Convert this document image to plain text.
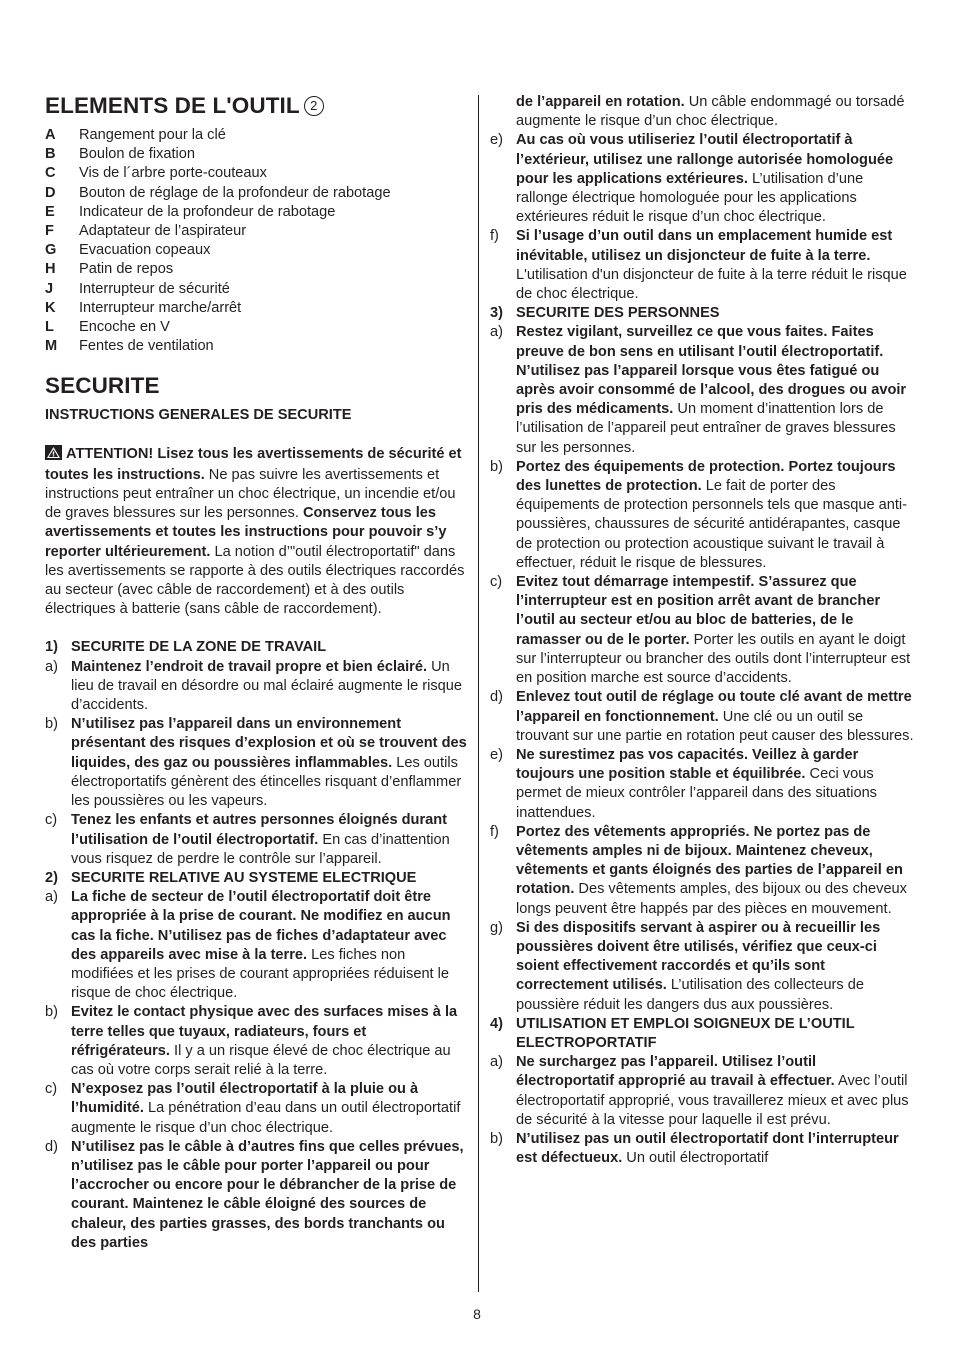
ELEMENTS DE L'OUTIL 2
A	Rangement pour la clé
B	Boulon de fixation
C	Vis de l´arbre porte-couteaux
D	Bouton de réglage de la profondeur de rabotage
E	Indicateur de la profondeur de rabotage
F	Adaptateur de l’aspirateur
G	Evacuation copeaux
H	Patin de repos
J	Interrupteur de sécurité
K	Interrupteur marche/arrêt
L	Encoche en V
M	Fentes de ventilation
SECURITE

INSTRUCTIONS GENERALES DE SECURITE

ATTENTION! Lisez tous les avertissements de sécurité et toutes les instructions. Ne pas suivre les avertissements et instructions peut entraîner un choc électrique, un incendie et/ou de graves blessures sur les personnes. Conservez tous les avertissements et toutes les instructions pour pouvoir s’y reporter ultérieurement. La notion d’"outil électroportatif" dans les avertissements se rapporte à des outils électriques raccordés au secteur (avec câble de raccordement) et à des outils électriques à batterie (sans câble de raccordement).

1) SECURITE DE LA ZONE DE TRAVAIL
a) Maintenez l’endroit de travail propre et bien éclairé. Un lieu de travail en désordre ou mal éclairé augmente le risque d’accidents.
b) N’utilisez pas l’appareil dans un environnement présentant des risques d’explosion et où se trouvent des liquides, des gaz ou poussières inflammables. Les outils électroportatifs génèrent des étincelles risquant d’enflammer les poussières ou les vapeurs.
c) Tenez les enfants et autres personnes éloignés durant l’utilisation de l’outil électroportatif. En cas d’inattention vous risquez de perdre le contrôle sur l’appareil.
2) SECURITE RELATIVE AU SYSTEME ELECTRIQUE
a) La fiche de secteur de l’outil électroportatif doit être appropriée à la prise de courant. Ne modifiez en aucun cas la fiche. N’utilisez pas de fiches d’adaptateur avec des appareils avec mise à la terre. Les fiches non modifiées et les prises de courant appropriées réduisent le risque de choc électrique.
b) Evitez le contact physique avec des surfaces mises à la terre telles que tuyaux, radiateurs, fours et réfrigérateurs. Il y a un risque élevé de choc électrique au cas où votre corps serait relié à la terre.
c) N’exposez pas l’outil électroportatif à la pluie ou à l’humidité. La pénétration d’eau dans un outil électroportatif augmente le risque d’un choc électrique.
d) N’utilisez pas le câble à d’autres fins que celles prévues, n’utilisez pas le câble pour porter l’appareil ou pour l’accrocher ou encore pour le débrancher de la prise de courant. Maintenez le câble éloigné des sources de chaleur, des parties grasses, des bords tranchants ou des parties
de l’appareil en rotation. Un câble endommagé ou torsadé augmente le risque d’un choc électrique.
e) Au cas où vous utiliseriez l’outil électroportatif à l’extérieur, utilisez une rallonge autorisée homologuée pour les applications extérieures. L’utilisation d’une rallonge électrique homologuée pour les applications extérieures réduit le risque d’un choc électrique.
f)	Si l’usage d’un outil dans un emplacement humide est inévitable, utilisez un disjoncteur de fuite à la terre. L'utilisation d'un disjoncteur de fuite à la terre réduit le risque de choc électrique.
3) SECURITE DES PERSONNES
a) Restez vigilant, surveillez ce que vous faites. Faites preuve de bon sens en utilisant l’outil électroportatif. N’utilisez pas l’appareil lorsque vous êtes fatigué ou après avoir consommé de l’alcool, des drogues ou avoir pris des médicaments. Un moment d’inattention lors de l’utilisation de l’appareil peut entraîner de graves blessures sur les personnes.
b) Portez des équipements de protection. Portez toujours des lunettes de protection. Le fait de porter des équipements de protection personnels tels que masque anti-poussières, chaussures de sécurité antidérapantes, casque de protection ou protection acoustique suivant le travail à effectuer, réduit le risque de blessures.
c) Evitez tout démarrage intempestif. S’assurez que l’interrupteur est en position arrêt avant de brancher l’outil au secteur et/ou au bloc de batteries, de le ramasser ou de le porter. Porter les outils en ayant le doigt sur l’interrupteur ou brancher des outils dont l’interrupteur est en position marche est source d’accidents.
d) Enlevez tout outil de réglage ou toute clé avant de mettre l’appareil en fonctionnement. Une clé ou un outil se trouvant sur une partie en rotation peut causer des blessures.
e) Ne surestimez pas vos capacités. Veillez à garder toujours une position stable et équilibrée. Ceci vous permet de mieux contrôler l’appareil dans des situations inattendues.
f)	Portez des vêtements appropriés. Ne portez pas de vêtements amples ni de bijoux. Maintenez cheveux, vêtements et gants éloignés des parties de l’appareil en rotation. Des vêtements amples, des bijoux ou des cheveux longs peuvent être happés par des pièces en mouvement.
g) Si des dispositifs servant à aspirer ou à recueillir les poussières doivent être utilisés, vérifiez que ceux-ci soient effectivement raccordés et qu’ils sont correctement utilisés. L’utilisation des collecteurs de poussière réduit les dangers dus aux poussières.
4) UTILISATION ET EMPLOI SOIGNEUX DE L’OUTIL ELECTROPORTATIF
a) Ne surchargez pas l’appareil. Utilisez l’outil électroportatif approprié au travail à effectuer. Avec l’outil électroportatif approprié, vous travaillerez mieux et avec plus de sécurité à la vitesse pour laquelle il est prévu.
b) N’utilisez pas un outil électroportatif dont l’interrupteur est défectueux. Un outil électroportatif
8
